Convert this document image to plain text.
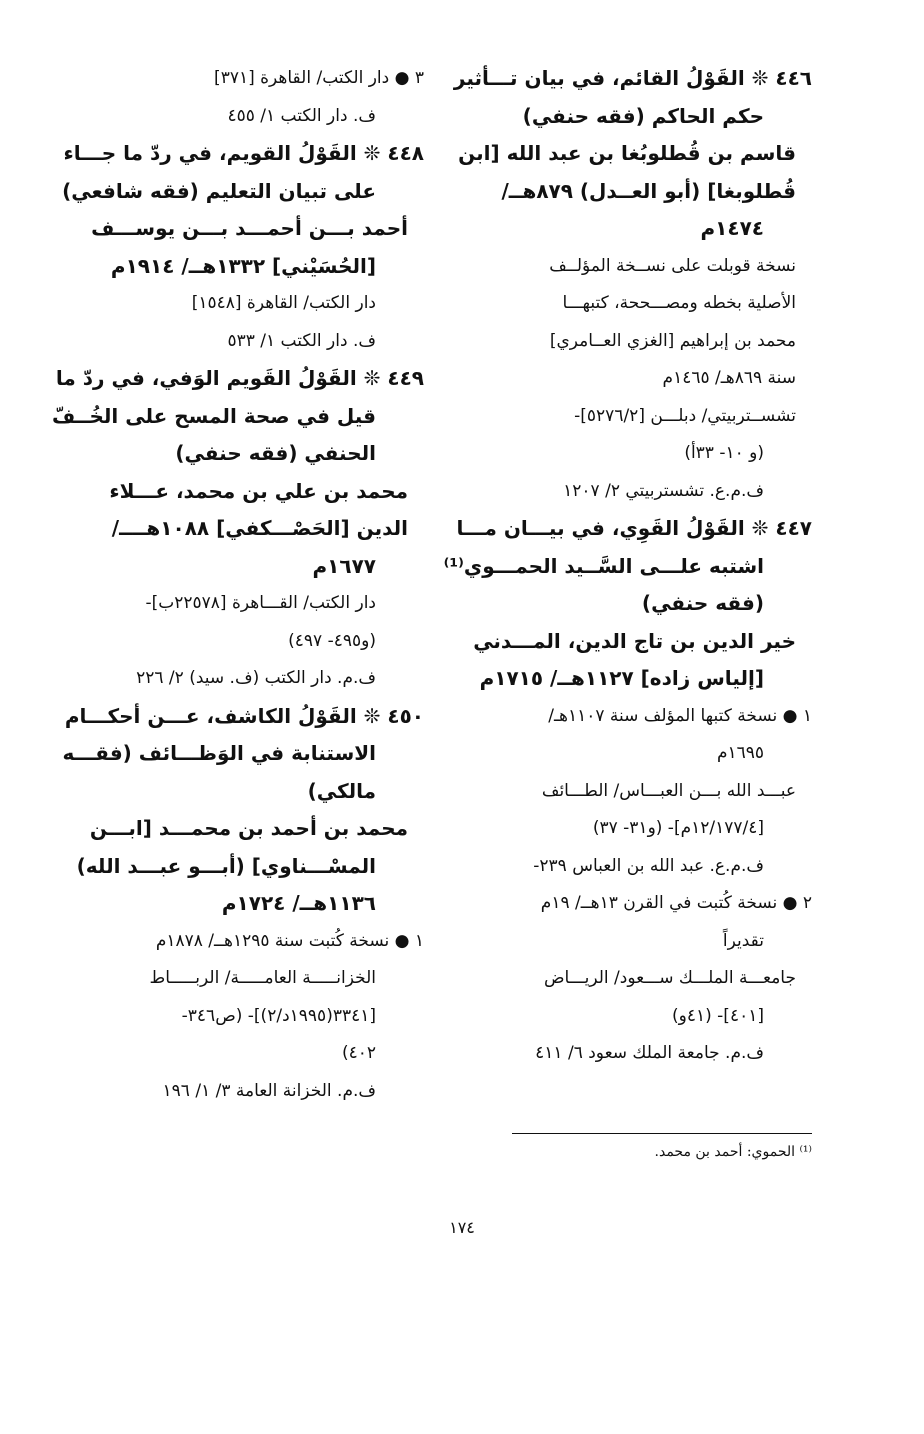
٤٤٦ ❊ القَوْلُ القائم، في بيان تـــأثير
حكم الحاكم (فقه حنفي)
قاسم بن قُطلوبُغا بن عبد الله [ابن
قُطلوبغا] (أبو العــدل) ٨٧٩هــ/
١٤٧٤م
نسخة قوبلت على نســخة المؤلــف
الأصلية بخطه ومصـــححة، كتبهـــا
محمد بن إبراهيم [الغزي العــامري]
سنة ٨٦٩هـ/ ١٤٦٥م
تشســتربيتي/ دبلـــن [٥٢٧٦/٢]-
(و ١٠- ٣٣أ)
ف.م.ع. تشستربيتي ٢/ ١٢٠٧
٤٤٧ ❊ القَوْلُ القَوِي، في بيـــان مـــا
اشتبه علـــى السَّــيد الحمـــوي⁽¹⁾
(فقه حنفي)
خير الدين بن تاج الدين، المـــدني
[إلياس زاده] ١١٢٧هــ/ ١٧١٥م
١ ● نسخة كتبها المؤلف سنة ١١٠٧هـ/
١٦٩٥م
عبـــد الله بـــن العبـــاس/ الطـــائف
[١٢/١٧٧/٤م]- (و٣١- ٣٧)
ف.م.ع. عبد الله بن العباس ٢٣٩-
٢ ● نسخة كُتبت في القرن ١٣هــ/ ١٩م
تقديراً
جامعـــة الملـــك ســـعود/ الريـــاض
[٤٠١]- (٤١و)
ف.م. جامعة الملك سعود ٦/ ٤١١
٣ ● دار الكتب/ القاهرة [٣٧١]
ف. دار الكتب ١/ ٤٥٥
٤٤٨ ❊ القَوْلُ القويم، في ردّ ما جـــاء
على تبيان التعليم (فقه شافعي)
أحمد بـــن أحمـــد بـــن يوســـف
[الحُسَيْني] ١٣٣٢هــ/ ١٩١٤م
دار الكتب/ القاهرة [١٥٤٨]
ف. دار الكتب ١/ ٥٣٣
٤٤٩ ❊ القَوْلُ القَويم الوَفي، في ردّ ما
قيل في صحة المسح على الخُــفّ
الحنفي (فقه حنفي)
محمد بن علي بن محمد، عـــلاء
الدين [الحَصْـــكفي] ١٠٨٨هــــ/
١٦٧٧م
دار الكتب/ القـــاهرة [٢٢٥٧٨ب]-
(و٤٩٥- ٤٩٧)
ف.م. دار الكتب (ف. سيد) ٢/ ٢٢٦
٤٥٠ ❊ القَوْلُ الكاشف، عـــن أحكـــام
الاستنابة في الوَظـــائف (فقـــه
مالكي)
محمد بن أحمد بن محمـــد [ابـــن
المسْـــناوي] (أبـــو عبـــد الله)
١١٣٦هــ/ ١٧٢٤م
١ ● نسخة كُتبت سنة ١٢٩٥هــ/ ١٨٧٨م
الخزانـــــة العامـــــة/ الربـــــاط
[٣٣٤١(١٩٩٥د/٢)]- (ص٣٤٦-
٤٠٢)
ف.م. الخزانة العامة ٣/ ١/ ١٩٦
⁽¹⁾ الحموي: أحمد بن محمد.
١٧٤
